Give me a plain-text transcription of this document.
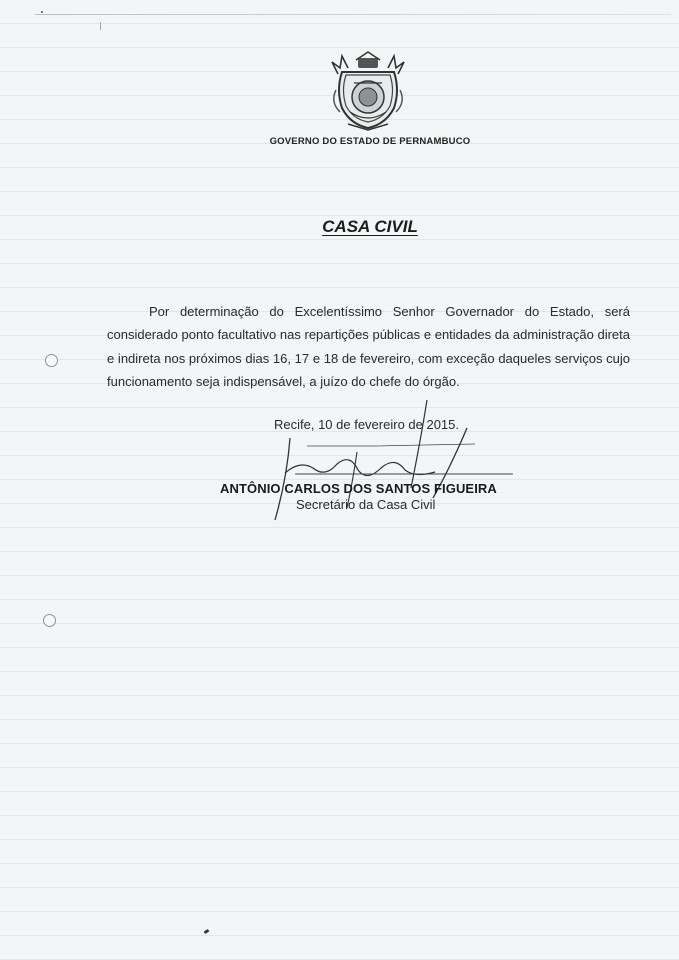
GOVERNO DO ESTADO DE PERNAMBUCO
CASA CIVIL

Por determinação do Excelentíssimo Senhor Governador do Estado, será considerado ponto facultativo nas repartições públicas e entidades da administração direta e indireta nos próximos dias 16, 17 e 18 de fevereiro, com exceção daqueles serviços cujo funcionamento seja indispensável, a juízo do chefe do órgão.

Recife, 10 de fevereiro de 2015.
ANTÔNIO CARLOS DOS SANTOS FIGUEIRA
Secretário da Casa Civil
